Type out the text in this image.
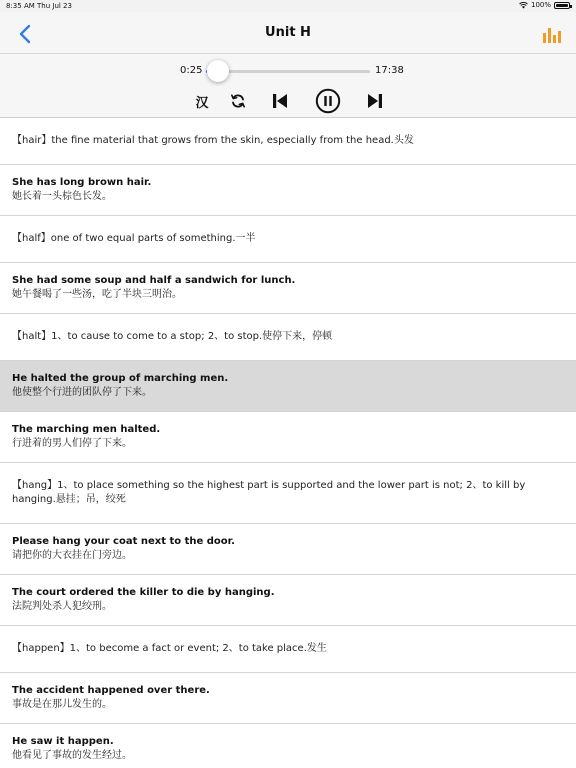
8:35 AM Thu Jul 23	100%
Unit H
0:25	17:38
汉
【hair】the fine material that grows from the skin, especially from the head.头发
She has long brown hair.
她长着一头棕色长发。
【half】one of two equal parts of something.一半
She had some soup and half a sandwich for lunch.
她午餐喝了一些汤，吃了半块三明治。
【halt】1、to cause to come to a stop; 2、to stop.使停下来，停顿
He halted the group of marching men.
他使整个行进的团队停了下来。
The marching men halted.
行进着的男人们停了下来。
【hang】1、to place something so the highest part is supported and the lower part is not; 2、to kill by hanging.悬挂；吊，绞死
Please hang your coat next to the door.
请把你的大衣挂在门旁边。
The court ordered the killer to die by hanging.
法院判处杀人犯绞刑。
【happen】1、to become a fact or event; 2、to take place.发生
The accident happened over there.
事故是在那儿发生的。
He saw it happen.
他看见了事故的发生经过。
